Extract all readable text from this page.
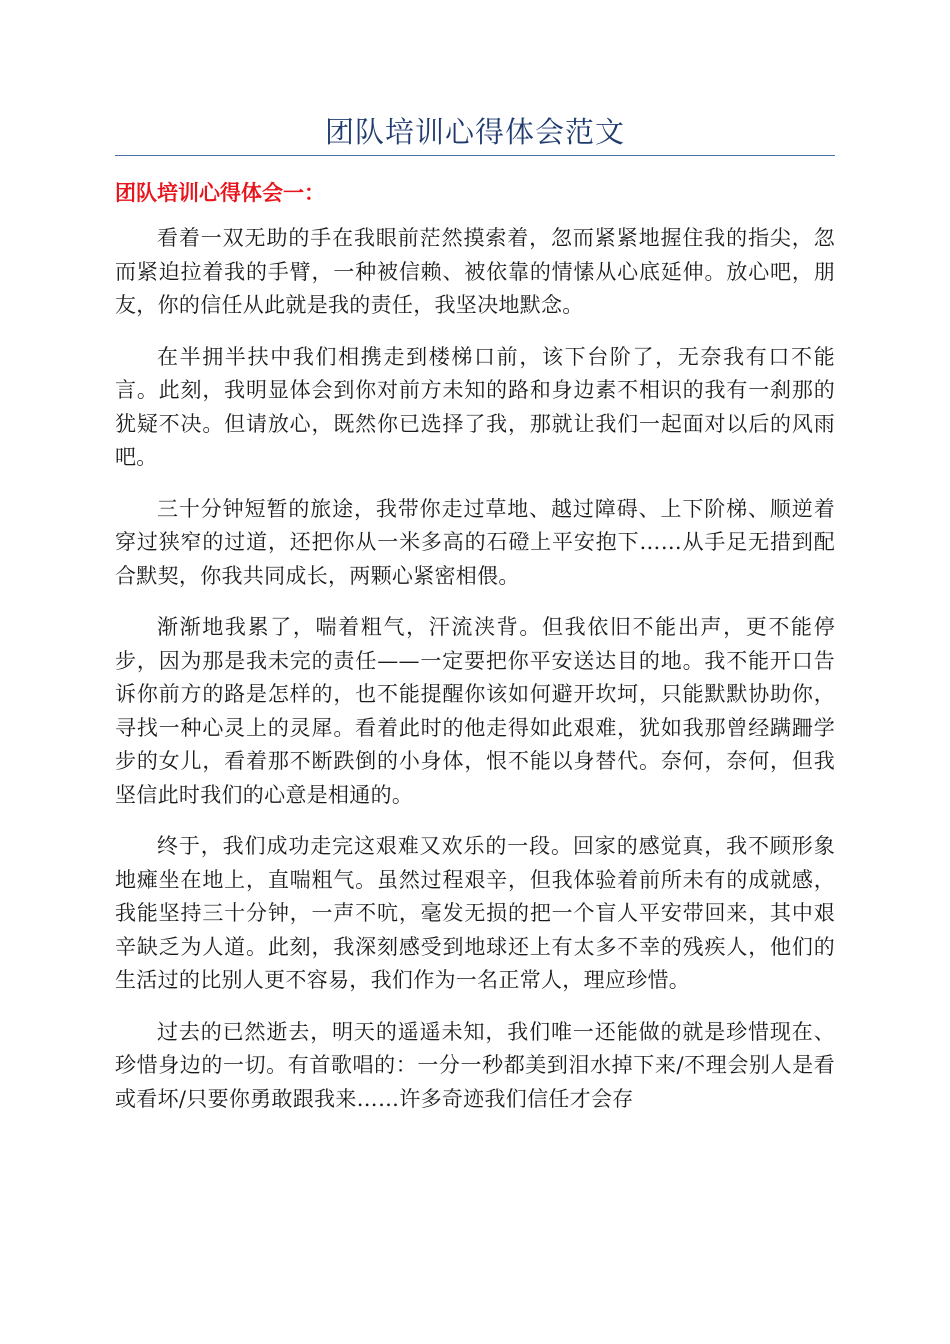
团队培训心得体会范文
团队培训心得体会一：

看着一双无助的手在我眼前茫然摸索着，忽而紧紧地握住我的指尖，忽而紧迫拉着我的手臂，一种被信赖、被依靠的情愫从心底延伸。放心吧，朋友，你的信任从此就是我的责任，我坚决地默念。

在半拥半扶中我们相携走到楼梯口前，该下台阶了，无奈我有口不能言。此刻，我明显体会到你对前方未知的路和身边素不相识的我有一刹那的犹疑不决。但请放心，既然你已选择了我，那就让我们一起面对以后的风雨吧。

三十分钟短暂的旅途，我带你走过草地、越过障碍、上下阶梯、顺逆着穿过狭窄的过道，还把你从一米多高的石磴上平安抱下……从手足无措到配合默契，你我共同成长，两颗心紧密相偎。

渐渐地我累了，喘着粗气，汗流浃背。但我依旧不能出声，更不能停步，因为那是我未完的责任——一定要把你平安送达目的地。我不能开口告诉你前方的路是怎样的，也不能提醒你该如何避开坎坷，只能默默协助你，寻找一种心灵上的灵犀。看着此时的他走得如此艰难，犹如我那曾经蹒跚学步的女儿，看着那不断跌倒的小身体，恨不能以身替代。奈何，奈何，但我坚信此时我们的心意是相通的。

终于，我们成功走完这艰难又欢乐的一段。回家的感觉真，我不顾形象地瘫坐在地上，直喘粗气。虽然过程艰辛，但我体验着前所未有的成就感，我能坚持三十分钟，一声不吭，毫发无损的把一个盲人平安带回来，其中艰辛缺乏为人道。此刻，我深刻感受到地球还上有太多不幸的残疾人，他们的生活过的比别人更不容易，我们作为一名正常人，理应珍惜。

过去的已然逝去，明天的遥遥未知，我们唯一还能做的就是珍惜现在、珍惜身边的一切。有首歌唱的：一分一秒都美到泪水掉下来/不理会别人是看或看坏/只要你勇敢跟我来……许多奇迹我们信任才会存
